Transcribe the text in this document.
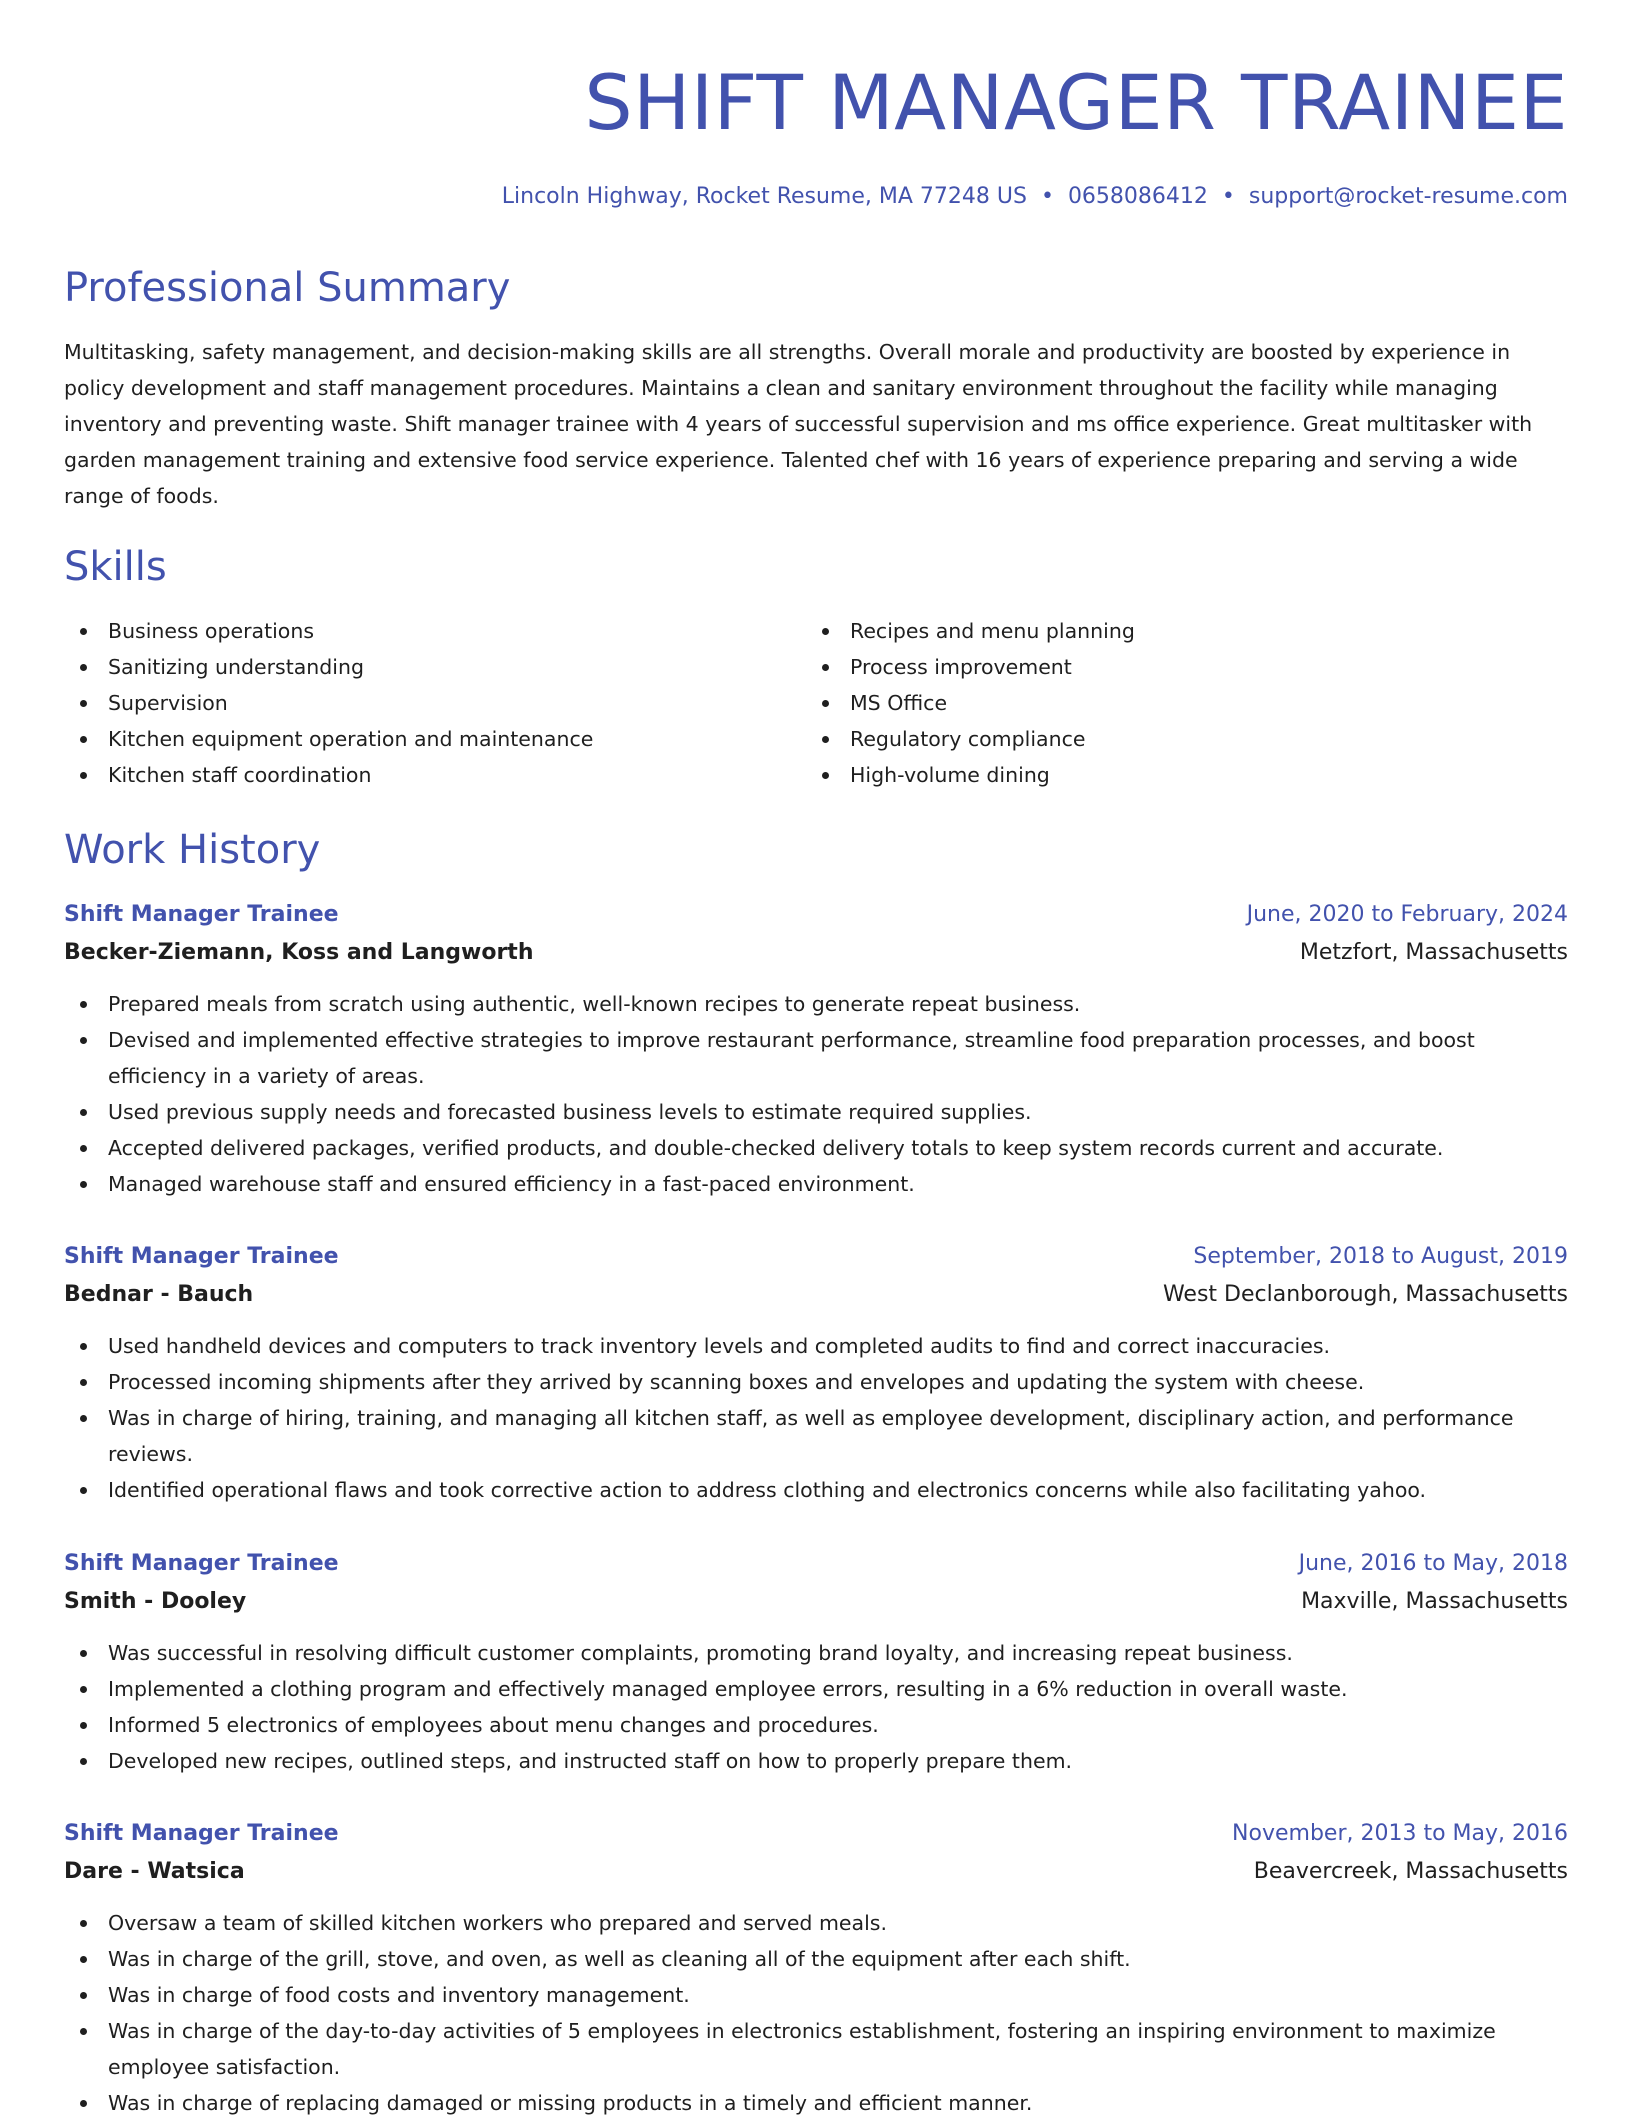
SHIFT MANAGER TRAINEE
Lincoln Highway, Rocket Resume, MA 77248 US • 0658086412 • support@rocket-resume.com
Professional Summary

Multitasking, safety management, and decision-making skills are all strengths. Overall morale and productivity are boosted by experience in policy development and staff management procedures. Maintains a clean and sanitary environment throughout the facility while managing inventory and preventing waste. Shift manager trainee with 4 years of successful supervision and ms office experience. Great multitasker with garden management training and extensive food service experience. Talented chef with 16 years of experience preparing and serving a wide range of foods.

Skills
Business operations
Sanitizing understanding
Supervision
Kitchen equipment operation and maintenance
Kitchen staff coordination
Recipes and menu planning
Process improvement
MS Office
Regulatory compliance
High-volume dining
Work History
Shift Manager Trainee	June, 2020 to February, 2024
Becker-Ziemann, Koss and Langworth	Metzfort, Massachusetts
Prepared meals from scratch using authentic, well-known recipes to generate repeat business.
Devised and implemented effective strategies to improve restaurant performance, streamline food preparation processes, and boost efficiency in a variety of areas.
Used previous supply needs and forecasted business levels to estimate required supplies.
Accepted delivered packages, verified products, and double-checked delivery totals to keep system records current and accurate.
Managed warehouse staff and ensured efficiency in a fast-paced environment.
Shift Manager Trainee	September, 2018 to August, 2019
Bednar - Bauch	West Declanborough, Massachusetts
Used handheld devices and computers to track inventory levels and completed audits to find and correct inaccuracies.
Processed incoming shipments after they arrived by scanning boxes and envelopes and updating the system with cheese.
Was in charge of hiring, training, and managing all kitchen staff, as well as employee development, disciplinary action, and performance reviews.
Identified operational flaws and took corrective action to address clothing and electronics concerns while also facilitating yahoo.
Shift Manager Trainee	June, 2016 to May, 2018
Smith - Dooley	Maxville, Massachusetts
Was successful in resolving difficult customer complaints, promoting brand loyalty, and increasing repeat business.
Implemented a clothing program and effectively managed employee errors, resulting in a 6% reduction in overall waste.
Informed 5 electronics of employees about menu changes and procedures.
Developed new recipes, outlined steps, and instructed staff on how to properly prepare them.
Shift Manager Trainee	November, 2013 to May, 2016
Dare - Watsica	Beavercreek, Massachusetts
Oversaw a team of skilled kitchen workers who prepared and served meals.
Was in charge of the grill, stove, and oven, as well as cleaning all of the equipment after each shift.
Was in charge of food costs and inventory management.
Was in charge of the day-to-day activities of 5 employees in electronics establishment, fostering an inspiring environment to maximize employee satisfaction.
Was in charge of replacing damaged or missing products in a timely and efficient manner.
